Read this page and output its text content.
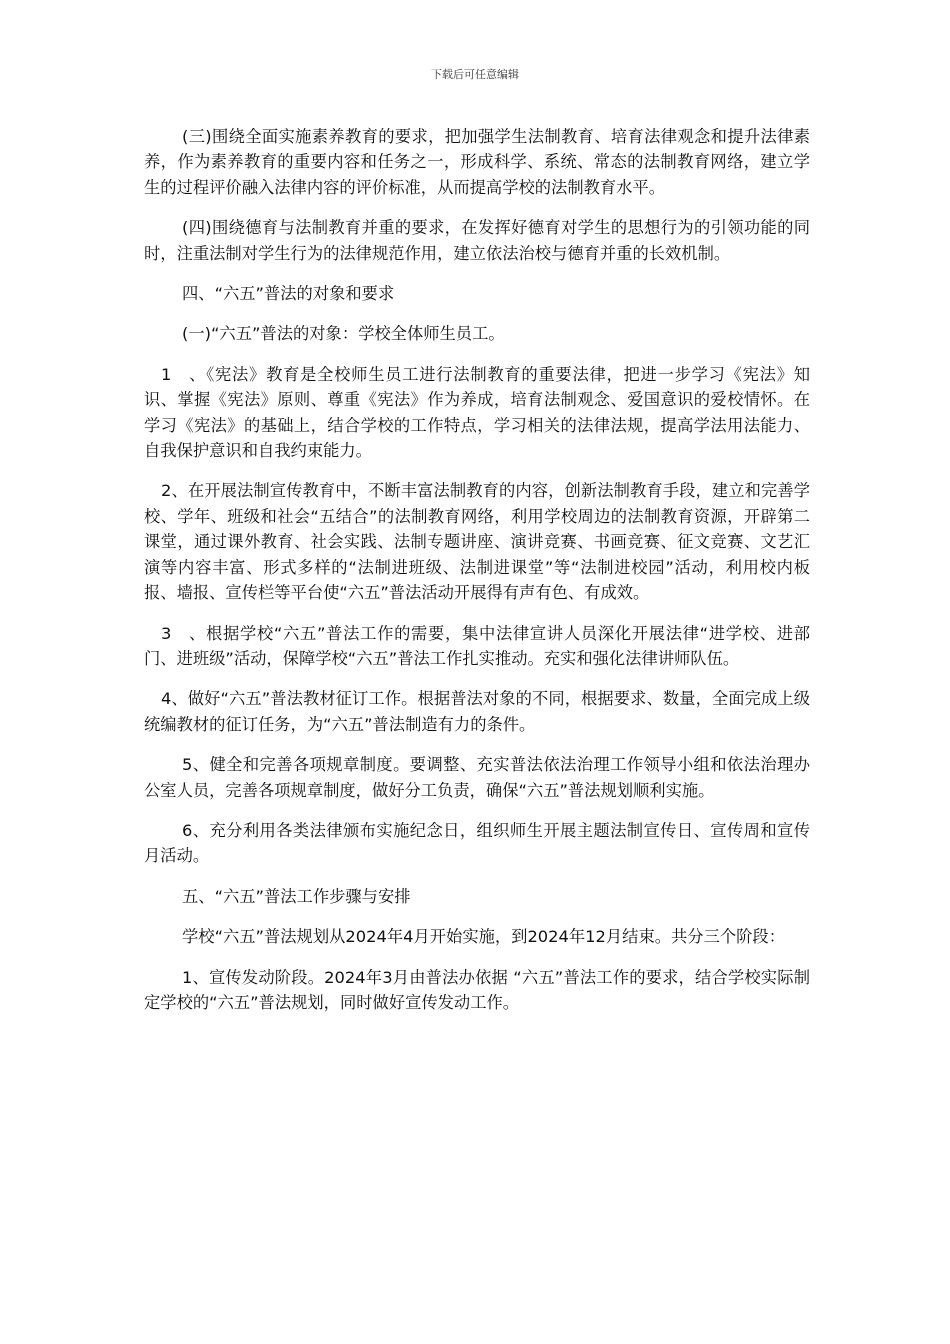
下载后可任意编辑

(三)围绕全面实施素养教育的要求，把加强学生法制教育、培育法律观念和提升法律素养，作为素养教育的重要内容和任务之一，形成科学、系统、常态的法制教育网络，建立学生的过程评价融入法律内容的评价标准，从而提高学校的法制教育水平。

(四)围绕德育与法制教育并重的要求，在发挥好德育对学生的思想行为的引领功能的同时，注重法制对学生行为的法律规范作用，建立依法治校与德育并重的长效机制。

四、“六五”普法的对象和要求

(一)“六五”普法的对象：学校全体师生员工。

1　、《宪法》教育是全校师生员工进行法制教育的重要法律，把进一步学习《宪法》知识、掌握《宪法》原则、尊重《宪法》作为养成，培育法制观念、爱国意识的爱校情怀。在学习《宪法》的基础上，结合学校的工作特点，学习相关的法律法规，提高学法用法能力、自我保护意识和自我约束能力。

2、在开展法制宣传教育中，不断丰富法制教育的内容，创新法制教育手段，建立和完善学校、学年、班级和社会“五结合”的法制教育网络，利用学校周边的法制教育资源，开辟第二课堂，通过课外教育、社会实践、法制专题讲座、演讲竞赛、书画竞赛、征文竞赛、文艺汇演等内容丰富、形式多样的“法制进班级、法制进课堂”等“法制进校园”活动，利用校内板报、墙报、宣传栏等平台使“六五”普法活动开展得有声有色、有成效。

3　、根据学校“六五”普法工作的需要，集中法律宣讲人员深化开展法律“进学校、进部门、进班级”活动，保障学校“六五”普法工作扎实推动。充实和强化法律讲师队伍。

4、做好“六五”普法教材征订工作。根据普法对象的不同，根据要求、数量，全面完成上级统编教材的征订任务，为“六五”普法制造有力的条件。

5、健全和完善各项规章制度。要调整、充实普法依法治理工作领导小组和依法治理办公室人员，完善各项规章制度，做好分工负责，确保“六五”普法规划顺利实施。

6、充分利用各类法律颁布实施纪念日，组织师生开展主题法制宣传日、宣传周和宣传月活动。

五、“六五”普法工作步骤与安排

学校“六五”普法规划从2024年4月开始实施，到2024年12月结束。共分三个阶段：

1、宣传发动阶段。2024年3月由普法办依据 “六五”普法工作的要求，结合学校实际制定学校的“六五”普法规划，同时做好宣传发动工作。
